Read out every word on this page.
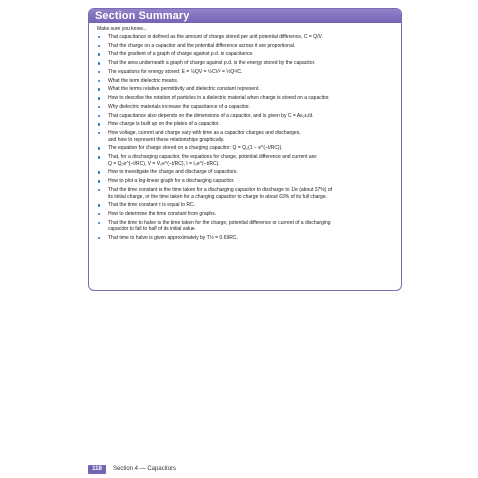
Section Summary

Make sure you know...

That capacitance is defined as the amount of charge stored per unit potential difference, C = Q/V.
That the charge on a capacitor and the potential difference across it are proportional.
That the gradient of a graph of charge against p.d. is capacitance.
That the area underneath a graph of charge against p.d. is the energy stored by the capacitor.
The equations for energy stored: E = ½QV = ½CV² = ½Q²/C.
What the term dielectric means.
What the terms relative permittivity and dielectric constant represent.
How to describe the rotation of particles in a dielectric material when charge is stored on a capacitor.
Why dielectric materials increase the capacitance of a capacitor.
That capacitance also depends on the dimensions of a capacitor, and is given by C = Aε₀εᵣ/d.
How charge is built up on the plates of a capacitor.
How voltage, current and charge vary with time as a capacitor charges and discharges,
and how to represent these relationships graphically.
The equation for charge stored on a charging capacitor: Q = Q₀(1 − e^(−t/RC)).
That, for a discharging capacitor, the equations for charge, potential difference and current are:
Q = Q₀e^(−t/RC), V = V₀e^(−t/RC), I = I₀e^(−t/RC).
How to investigate the charge and discharge of capacitors.
How to plot a log-linear graph for a discharging capacitor.
That the time constant is the time taken for a discharging capacitor to discharge to 1/e (about 37%) of
its initial charge, or the time taken for a charging capacitor to charge to about 63% of its full charge.
That the time constant τ is equal to RC.
How to determine the time constant from graphs.
That the time to halve is the time taken for the charge, potential difference or current of a discharging
capacitor to fall to half of its initial value.
That time to halve is given approximately by T½ = 0.69RC.
118	Section 4 — Capacitors
